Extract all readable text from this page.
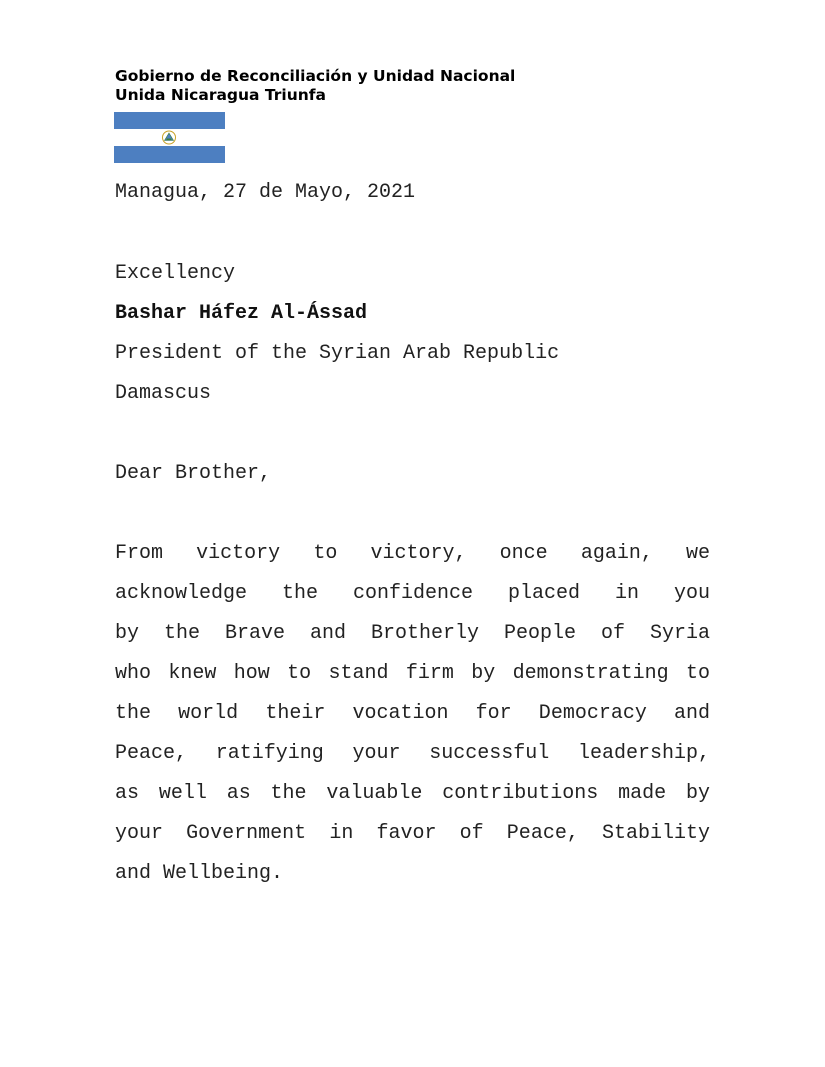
Gobierno de Reconciliación y Unidad Nacional
Unida Nicaragua Triunfa
Managua, 27 de Mayo, 2021
Excellency
Bashar Háfez Al-Ássad
President of the Syrian Arab Republic
Damascus
Dear Brother,
From victory to victory, once again, we
acknowledge the confidence placed in you
by the Brave and Brotherly People of Syria
who knew how to stand firm by demonstrating to
the world their vocation for Democracy and
Peace, ratifying your successful leadership,
as well as the valuable contributions made by
your Government in favor of Peace, Stability
and Wellbeing.
